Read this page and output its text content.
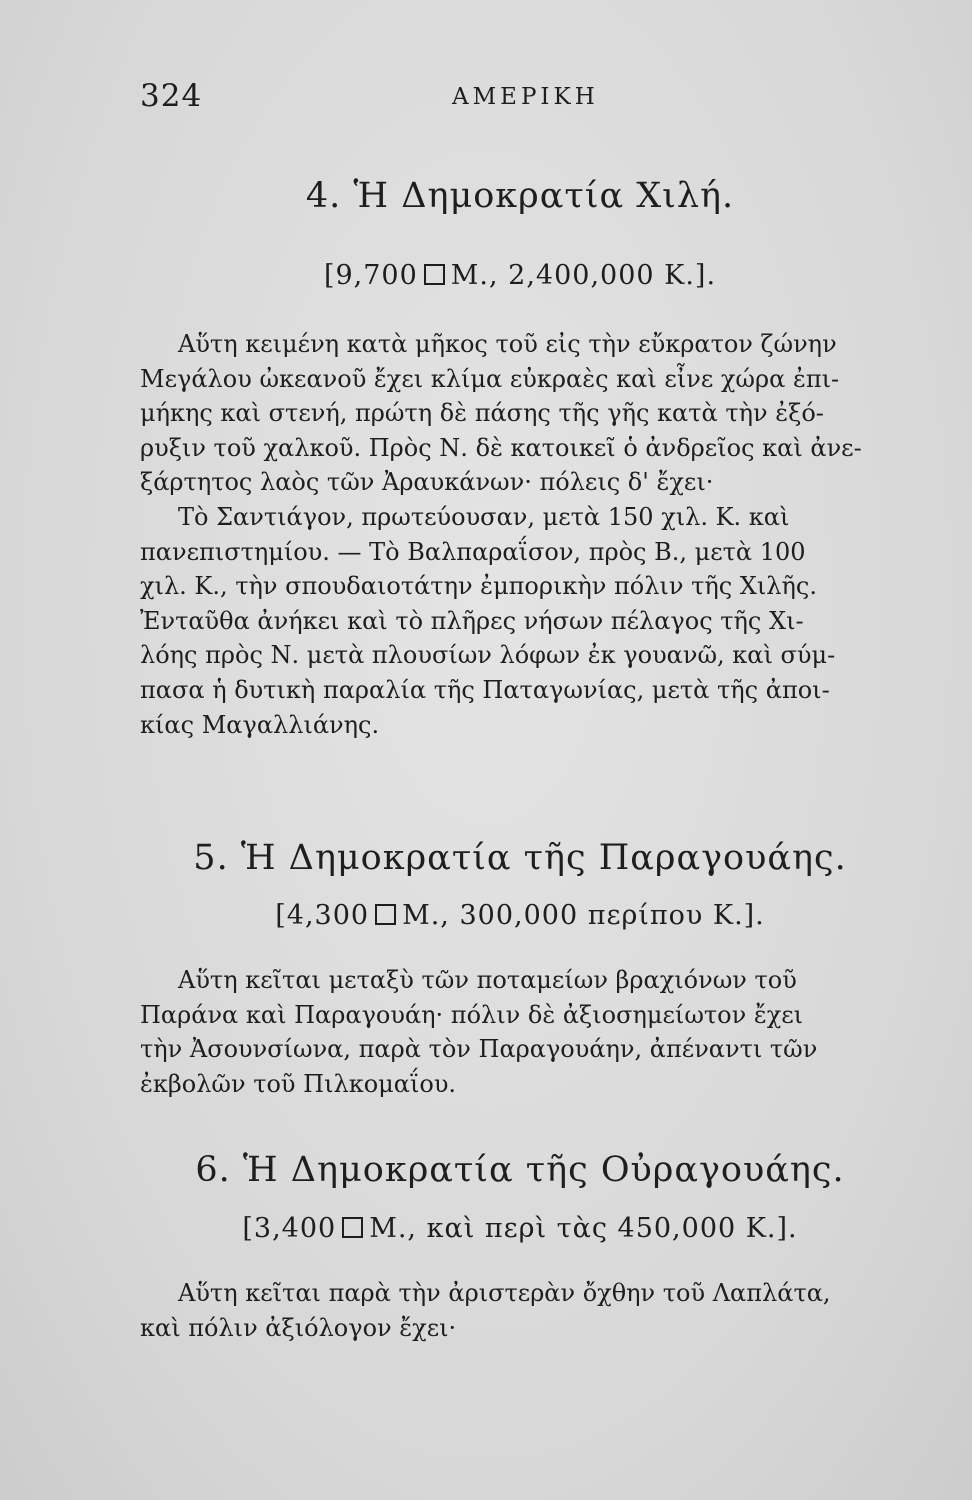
324	ΑΜΕΡΙΚΗ
4. Ἡ Δημοκρατία Χιλή.
[9,700 Μ., 2,400,000 Κ.].

Αὕτη κειμένη κατὰ μῆκος τοῦ εἰς τὴν εὔκρατον ζώνην
Μεγάλου ὠκεανοῦ ἔχει κλίμα εὐκραὲς καὶ εἶνε χώρα ἐπι-
μήκης καὶ στενή, πρώτη δὲ πάσης τῆς γῆς κατὰ τὴν ἐξό-
ρυξιν τοῦ χαλκοῦ. Πρὸς Ν. δὲ κατοικεῖ ὁ ἀνδρεῖος καὶ ἀνε-
ξάρτητος λαὸς τῶν Ἀραυκάνων· πόλεις δ' ἔχει·
Τὸ Σαντιάγον, πρωτεύουσαν, μετὰ 150 χιλ. Κ. καὶ
πανεπιστημίου. — Τὸ Βαλπαραΐσον, πρὸς Β., μετὰ 100
χιλ. Κ., τὴν σπουδαιοτάτην ἐμπορικὴν πόλιν τῆς Χιλῆς.
Ἐνταῦθα ἀνήκει καὶ τὸ πλῆρες νήσων πέλαγος τῆς Χι-
λόης πρὸς Ν. μετὰ πλουσίων λόφων ἐκ γουανῶ, καὶ σύμ-
πασα ἡ δυτικὴ παραλία τῆς Παταγωνίας, μετὰ τῆς ἀποι-
κίας Μαγαλλιάνης.

5. Ἡ Δημοκρατία τῆς Παραγουάης.
[4,300 Μ., 300,000 περίπου Κ.].

Αὕτη κεῖται μεταξὺ τῶν ποταμείων βραχιόνων τοῦ
Παράνα καὶ Παραγουάη· πόλιν δὲ ἀξιοσημείωτον ἔχει
τὴν Ἀσουνσίωνα, παρὰ τὸν Παραγουάην, ἀπέναντι τῶν
ἐκβολῶν τοῦ Πιλκομαΐου.

6. Ἡ Δημοκρατία τῆς Οὐραγουάης.
[3,400 Μ., καὶ περὶ τὰς 450,000 Κ.].

Αὕτη κεῖται παρὰ τὴν ἀριστερὰν ὄχθην τοῦ Λαπλάτα,
καὶ πόλιν ἀξιόλογον ἔχει·
